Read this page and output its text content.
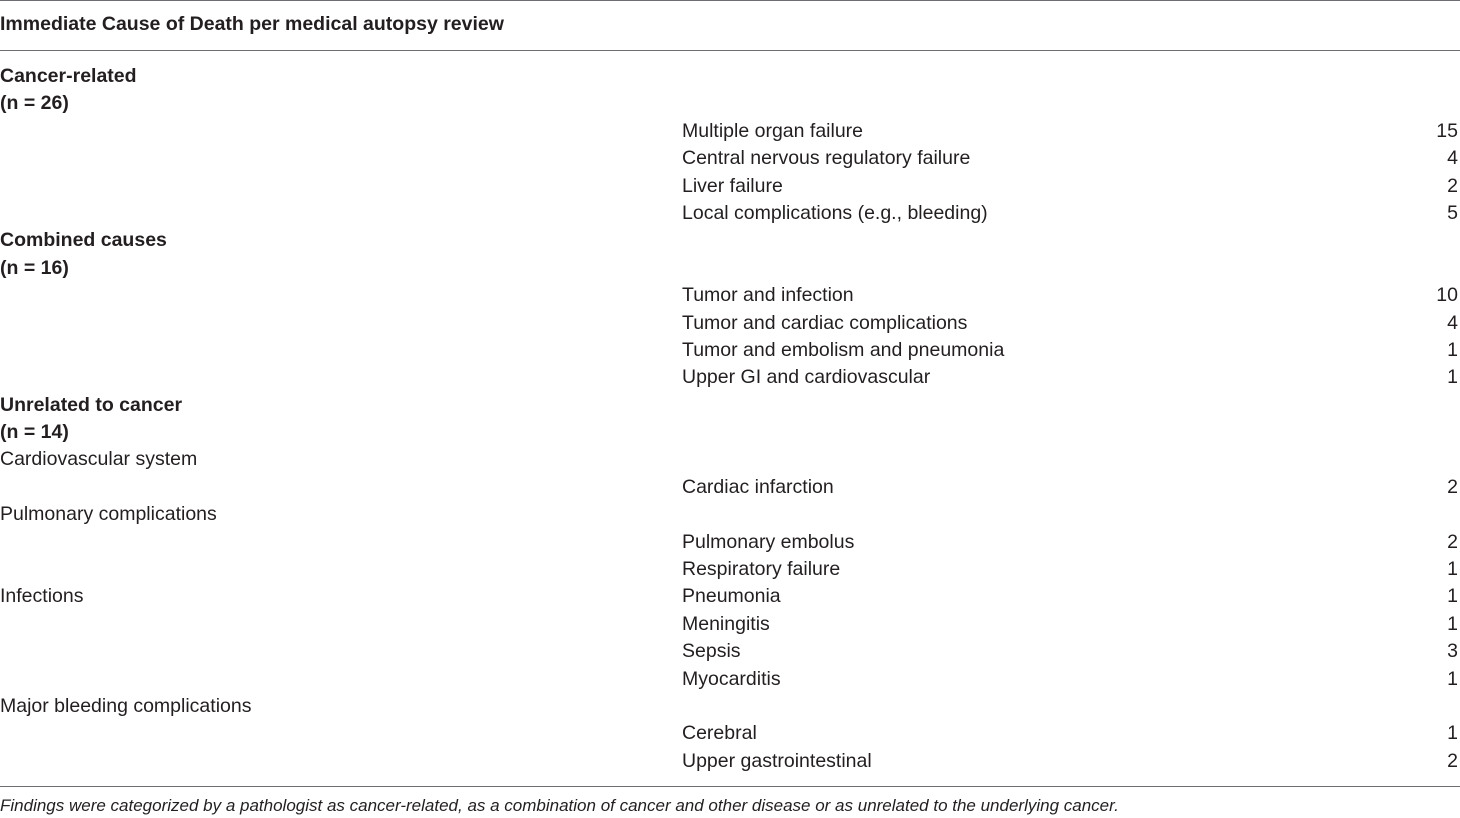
Immediate Cause of Death per medical autopsy review
Cancer-related
(n = 26)
Multiple organ failure	15
Central nervous regulatory failure	4
Liver failure	2
Local complications (e.g., bleeding)	5
Combined causes
(n = 16)
Tumor and infection	10
Tumor and cardiac complications	4
Tumor and embolism and pneumonia	1
Upper GI and cardiovascular	1
Unrelated to cancer
(n = 14)
Cardiovascular system
Cardiac infarction	2
Pulmonary complications
Pulmonary embolus	2
Respiratory failure	1
Infections	Pneumonia	1
Meningitis	1
Sepsis	3
Myocarditis	1
Major bleeding complications
Cerebral	1
Upper gastrointestinal	2
Findings were categorized by a pathologist as cancer-related, as a combination of cancer and other disease or as unrelated to the underlying cancer.
